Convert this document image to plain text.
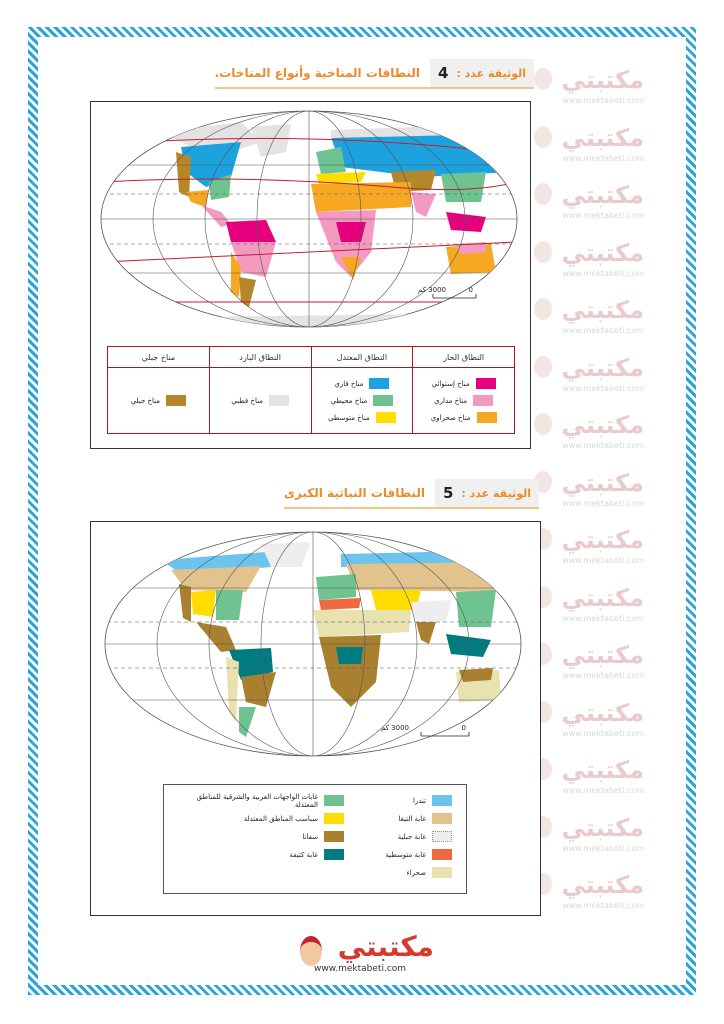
مكتبتي
www.mektabeti.com
مكتبتي
www.mektabeti.com
مكتبتي
www.mektabeti.com
مكتبتي
www.mektabeti.com
مكتبتي
www.mektabeti.com
مكتبتي
www.mektabeti.com
مكتبتي
www.mektabeti.com
مكتبتي
www.mektabeti.com
مكتبتي
www.mektabeti.com
مكتبتي
www.mektabeti.com
مكتبتي
www.mektabeti.com
مكتبتي
www.mektabeti.com
مكتبتي
www.mektabeti.com
مكتبتي
www.mektabeti.com
مكتبتي
www.mektabeti.com
الوثيقة عدد :
4
النطاقات المناخية وأنواع المناخات.
3000 كم	0
النطاق الحار
مناخ إستوائي
مناخ مداري
مناخ صحراوي
النطاق المعتدل
مناخ قاري
مناخ محيطي
مناخ متوسطي
النطاق البارد
مناخ قطبي
مناخ جبلي
مناخ جبلي
الوثيقة عدد :
5
النطاقات النباتية الكبرى
3000 كم	0
تندرا
غابة التيغا
غابة جبلية
غابة متوسطية
صحراء
غابات الواجهات الغربية والشرقية للمناطق المعتدلة
سباسب المناطق المعتدلة
سفانا
غابة كثيفة
مكتبتي
www.mektabeti.com
